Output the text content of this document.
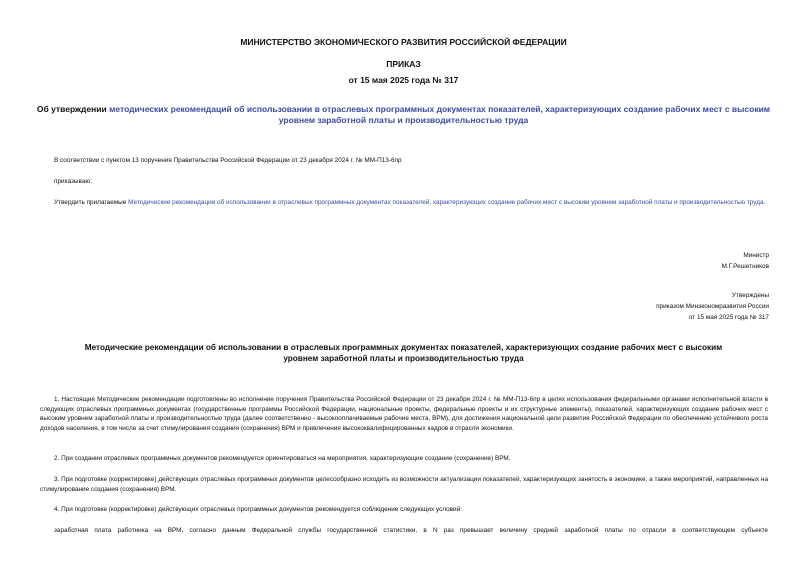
МИНИСТЕРСТВО ЭКОНОМИЧЕСКОГО РАЗВИТИЯ РОССИЙСКОЙ ФЕДЕРАЦИИ
ПРИКАЗ
от 15 мая 2025 года № 317
Об утверждении методических рекомендаций об использовании в отраслевых программных документах показателей, характеризующих создание рабочих мест с высоким уровнем заработной платы и производительностью труда
В соответствии с пунктом 13 поручения Правительства Российской Федерации от 23 декабря 2024 г. № ММ-П13-6пр
приказываю:
Утвердить прилагаемые Методические рекомендации об использовании в отраслевых программных документах показателей, характеризующих создание рабочих мест с высоким уровнем заработной платы и производительностью труда.
Министр
М.Г.Решетников
Утверждены
приказом Минэкономразвития России
от 15 мая 2025 года № 317
Методические рекомендации об использовании в отраслевых программных документах показателей, характеризующих создание рабочих мест с высоким уровнем заработной платы и производительностью труда
1. Настоящие Методические рекомендации подготовлены во исполнение поручения Правительства Российской Федерации от 23 декабря 2024 г. № ММ-П13-6пр в целях использования федеральными органами исполнительной власти в следующих отраслевых программных документах (государственные программы Российской Федерации, национальные проекты, федеральные проекты и их структурные элементы), показателей, характеризующих создание рабочих мест с высоким уровнем заработной платы и производительностью труда (далее соответственно - высокооплачиваемые рабочие места, ВРМ), для достижения национальной цели развития Российской Федерации по обеспечению устойчивого роста доходов населения, в том числе за счет стимулирования создания (сохранения) ВРМ и привлечения высококвалифицированных кадров в отрасли экономики.
2. При создании отраслевых программных документов рекомендуется ориентироваться на мероприятия, характеризующие создание (сохранение) ВРМ.
3. При подготовке (корректировке) действующих отраслевых программных документов целесообразно исходить из возможности актуализации показателей, характеризующих занятость в экономике, а также мероприятий, направленных на стимулирование создания (сохранения) ВРМ.
4. При подготовке (корректировке) действующих отраслевых программных документов рекомендуется соблюдение следующих условий:
заработная плата работника на ВРМ, согласно данным Федеральной службы государственной статистики, в N раз превышает величину средней заработной платы по отрасли в соответствующем субъекте
